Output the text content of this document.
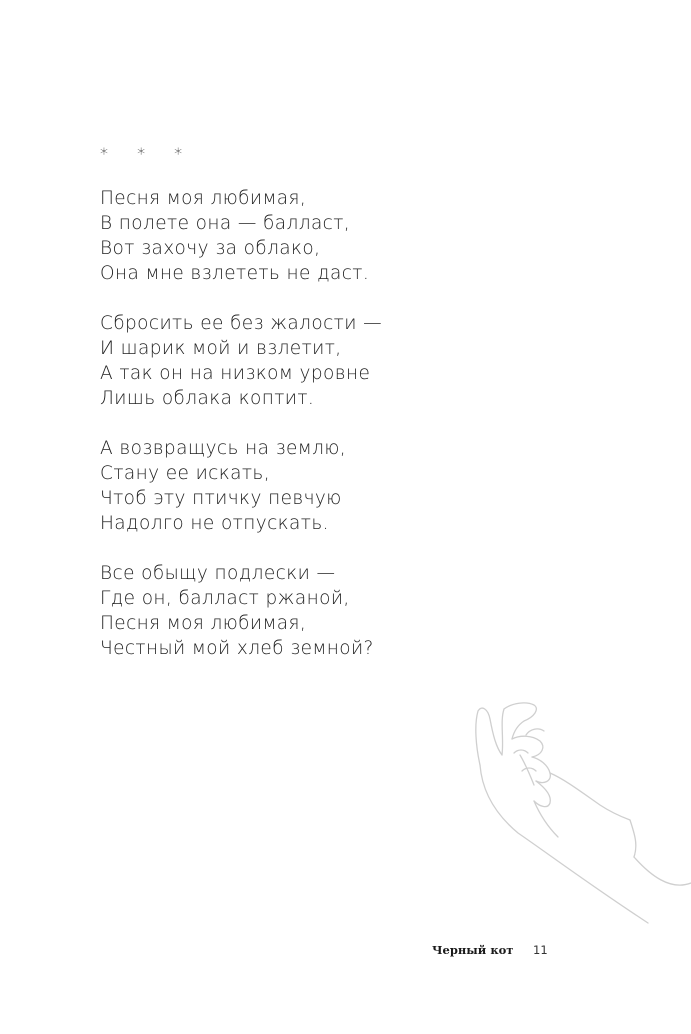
* * *
Песня моя любимая,
В полете она — балласт,
Вот захочу за облако,
Она мне взлететь не даст.
Сбросить ее без жалости —
И шарик мой и взлетит,
А так он на низком уровне
Лишь облака коптит.
А возвращусь на землю,
Стану ее искать,
Чтоб эту птичку певчую
Надолго не отпускать.
Все обыщу подлески —
Где он, балласт ржаной,
Песня моя любимая,
Честный мой хлеб земной?
Черный кот 11
